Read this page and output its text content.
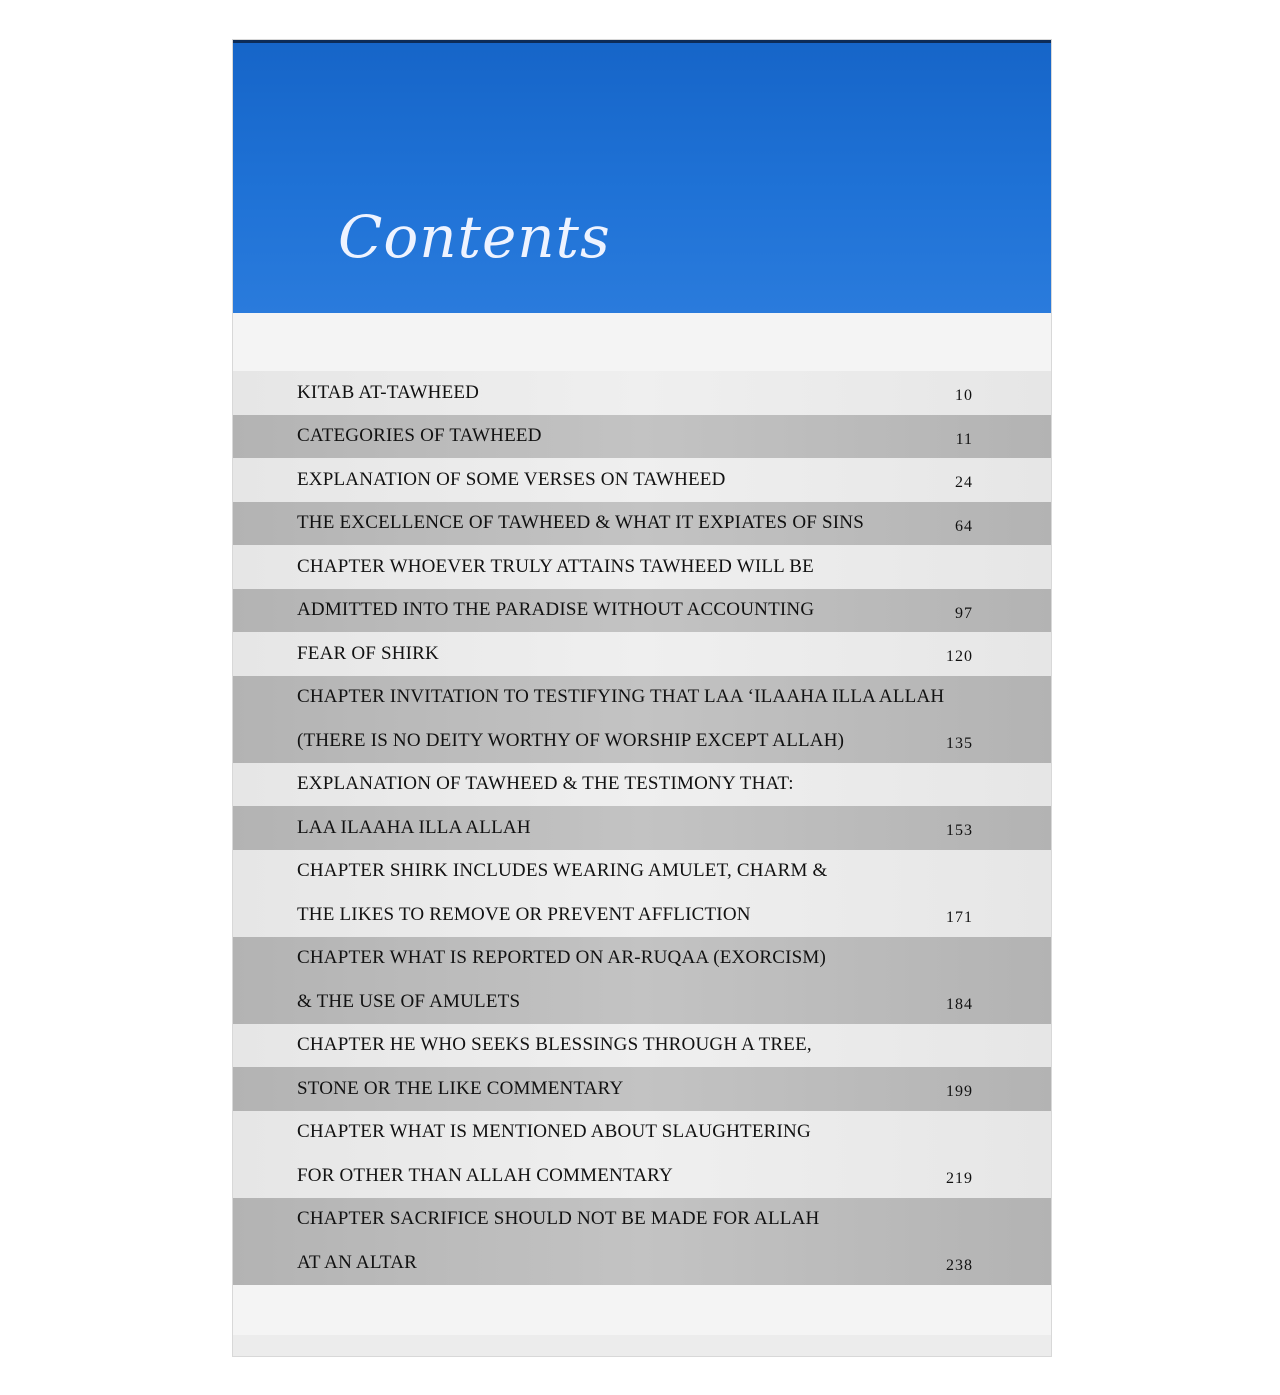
Contents
KITAB AT-TAWHEED	10
CATEGORIES OF TAWHEED	11
EXPLANATION OF SOME VERSES ON TAWHEED	24
THE EXCELLENCE OF TAWHEED & WHAT IT EXPIATES OF SINS	64
CHAPTER WHOEVER TRULY ATTAINS TAWHEED WILL BE
ADMITTED INTO THE PARADISE WITHOUT ACCOUNTING	97
FEAR OF SHIRK	120
CHAPTER INVITATION TO TESTIFYING THAT LAA ‘ILAAHA ILLA ALLAH
(THERE IS NO DEITY WORTHY OF WORSHIP EXCEPT ALLAH)	135
EXPLANATION OF TAWHEED & THE TESTIMONY THAT:
LAA ILAAHA ILLA ALLAH	153
CHAPTER SHIRK INCLUDES WEARING AMULET, CHARM &
THE LIKES TO REMOVE OR PREVENT AFFLICTION	171
CHAPTER WHAT IS REPORTED ON AR-RUQAA (EXORCISM)
& THE USE OF AMULETS	184
CHAPTER HE WHO SEEKS BLESSINGS THROUGH A TREE,
STONE OR THE LIKE COMMENTARY	199
CHAPTER WHAT IS MENTIONED ABOUT SLAUGHTERING
FOR OTHER THAN ALLAH COMMENTARY	219
CHAPTER SACRIFICE SHOULD NOT BE MADE FOR ALLAH
AT AN ALTAR	238
